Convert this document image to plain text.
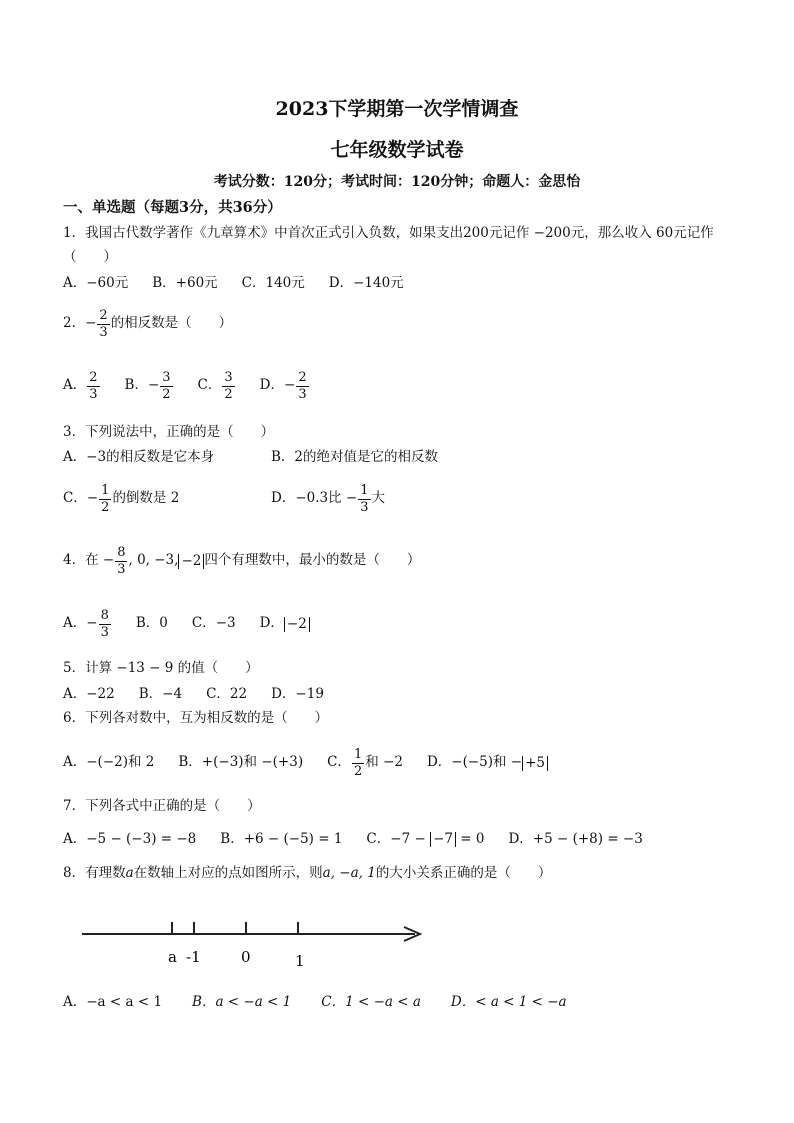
2023下学期第一次学情调查
七年级数学试卷
考试分数：120分；考试时间：120分钟；命题人：金思怡
一、单选题（每题3分，共36分）
1．我国古代数学著作《九章算术》中首次正式引入负数，如果支出200元记作 −200元，那么收入 60元记作
（　　）
A．−60元 B．+60元 C．140元 D．−140元
2．− $\frac{2}{3}$ 的相反数是（　　）
A． $\frac{2}{3}$ B．− $\frac{3}{2}$ C． $\frac{3}{2}$ D．− $\frac{2}{3}$
3．下列说法中，正确的是（　　）
A．−3的相反数是它本身	B．2的绝对值是它的相反数
C．− $\frac{1}{2}$ 的倒数是 2	D．−0.3比 − $\frac{1}{3}$ 大
4．在 − $\frac{8}{3}$ , 0, −3, −2 四个有理数中，最小的数是（　　）
A．− $\frac{8}{3}$ B．0 C．−3 D． −2
5．计算 −13 − 9 的值（　　）
A．−22 B．−4 C．22 D．−19
6．下列各对数中，互为相反数的是（　　）
A．−(−2)和 2 B．+(−3)和 −(+3) C． $\frac{1}{2}$ 和 −2 D．−(−5)和 − +5
7．下列各式中正确的是（　　）
A．−5 − (−3) = −8 B．+6 − (−5) = 1 C．−7 −
−7
= 0 D．+5 − (+8) = −3
8．有理数a在数轴上对应的点如图所示，则a, −a, 1的大小关系正确的是（　　）
a -1	0	1
A．−a < a < 1 B．a < −a < 1 C．1 < −a < a D．< a < 1 < −a
